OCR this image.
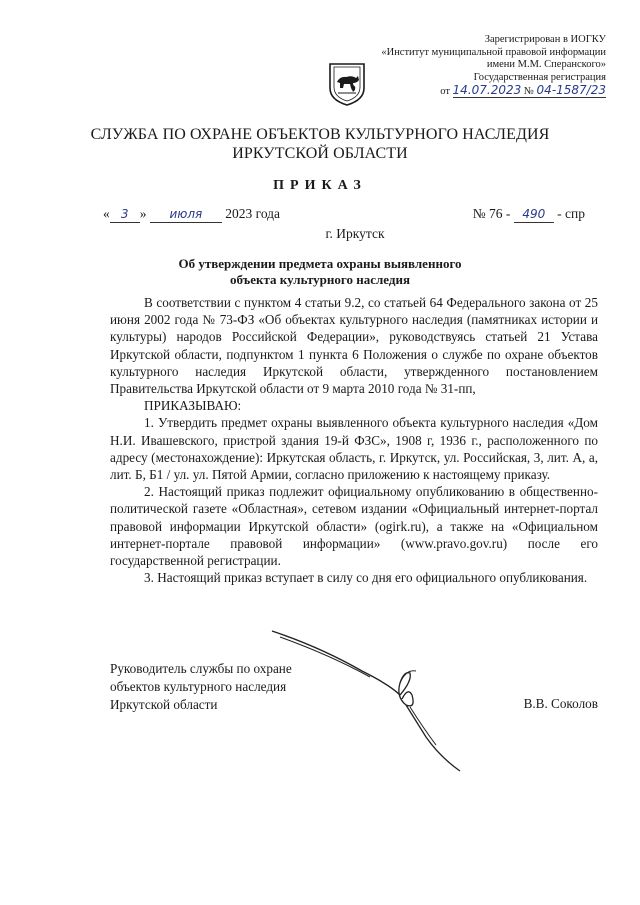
Зарегистрирован в ИОГКУ
«Институт муниципальной правовой информации
имени М.М. Сперанского»
Государственная регистрация
от 14.07.2023 № 04-1587/23
СЛУЖБА ПО ОХРАНЕ ОБЪЕКТОВ КУЛЬТУРНОГО НАСЛЕДИЯ
ИРКУТСКОЙ ОБЛАСТИ
ПРИКАЗ
« 3 » июля 2023 года	№ 76 - 490 - спр
г. Иркутск
Об утверждении предмета охраны выявленного
объекта культурного наследия

В соответствии с пунктом 4 статьи 9.2, со статьей 64 Федерального закона от 25 июня 2002 года № 73-ФЗ «Об объектах культурного наследия (памятниках истории и культуры) народов Российской Федерации», руководствуясь статьей 21 Устава Иркутской области, подпунктом 1 пункта 6 Положения о службе по охране объектов культурного наследия Иркутской области, утвержденного постановлением Правительства Иркутской области от 9 марта 2010 года № 31-пп,

ПРИКАЗЫВАЮ:

1. Утвердить предмет охраны выявленного объекта культурного наследия «Дом Н.И. Ивашевского, пристрой здания 19-й ФЗС», 1908 г, 1936 г., расположенного по адресу (местонахождение): Иркутская область, г. Иркутск, ул. Российская, 3, лит. А, а, лит. Б, Б1 / ул. ул. Пятой Армии, согласно приложению к настоящему приказу.

2. Настоящий приказ подлежит официальному опубликованию в общественно-политической газете «Областная», сетевом издании «Официальный интернет-портал правовой информации Иркутской области» (ogirk.ru), а также на «Официальном интернет-портале правовой информации» (www.pravo.gov.ru) после его государственной регистрации.

3. Настоящий приказ вступает в силу со дня его официального опубликования.

Руководитель службы по охране
объектов культурного наследия
Иркутской области	В.В. Соколов
